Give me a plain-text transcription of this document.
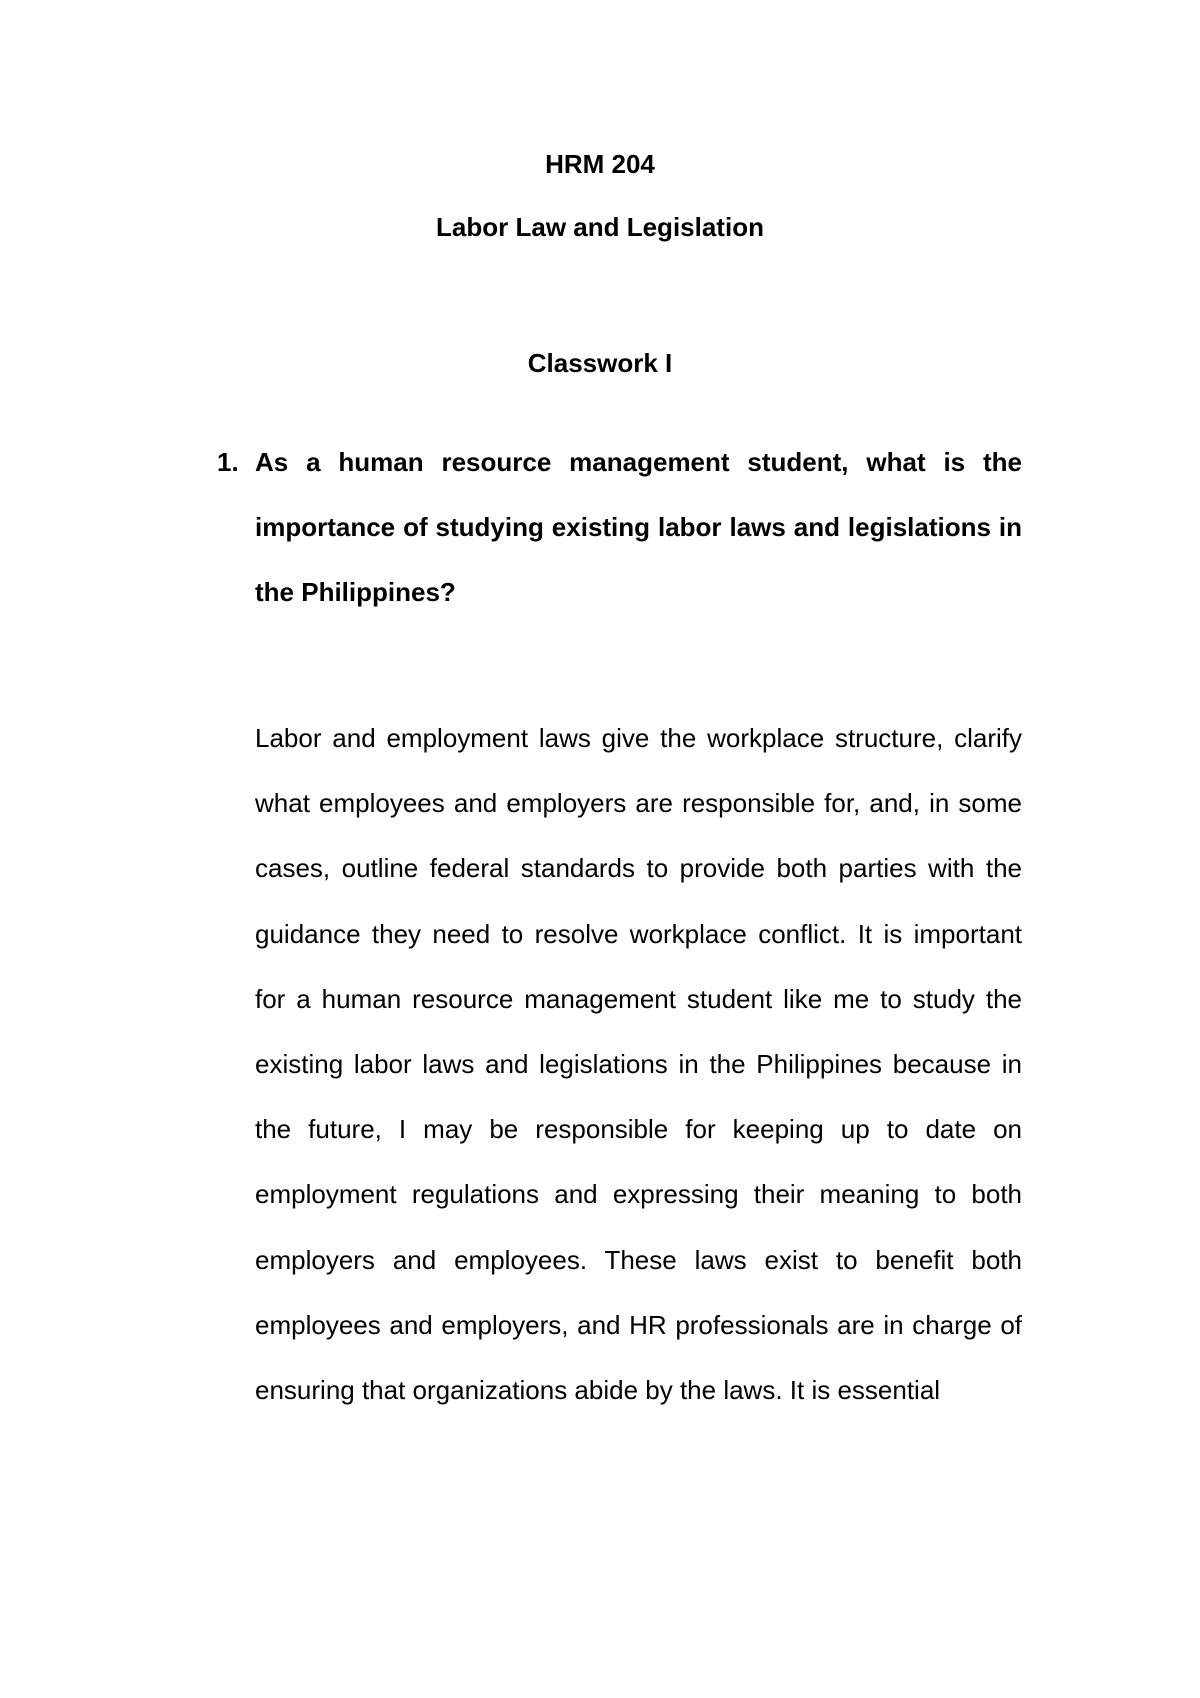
HRM 204
Labor Law and Legislation
Classwork I
1. As a human resource management student, what is the importance of studying existing labor laws and legislations in the Philippines?
Labor and employment laws give the workplace structure, clarify what employees and employers are responsible for, and, in some cases, outline federal standards to provide both parties with the guidance they need to resolve workplace conflict. It is important for a human resource management student like me to study the existing labor laws and legislations in the Philippines because in the future, I may be responsible for keeping up to date on employment regulations and expressing their meaning to both employers and employees. These laws exist to benefit both employees and employers, and HR professionals are in charge of ensuring that organizations abide by the laws. It is essential
